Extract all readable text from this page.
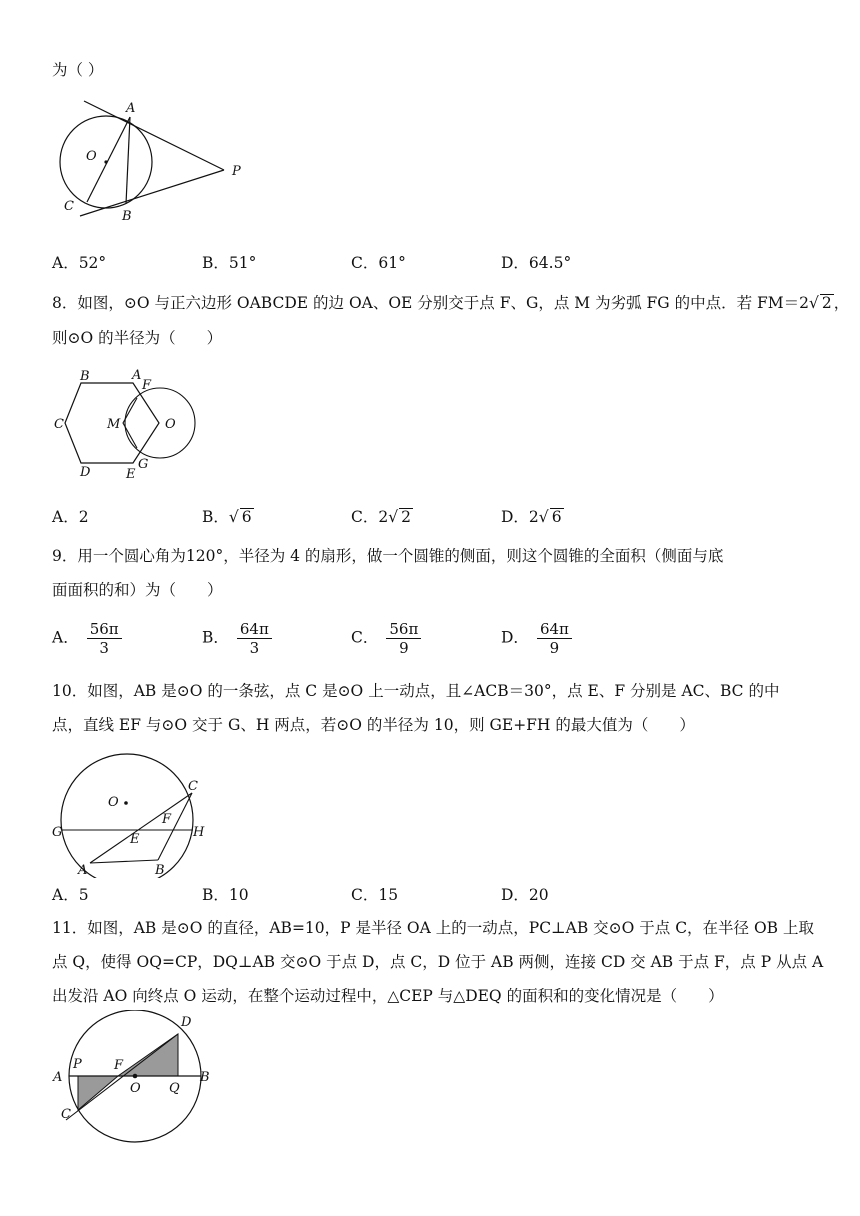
为（ ）
A
O
P
C
B
A．52°	B．51°	C．61°	D．64.5°
8．如图，⊙O 与正六边形 OABCDE 的边 OA、OE 分别交于点 F、G，点 M 为劣弧 FG 的中点．若 FM＝2√ 2 ，
则⊙O 的半径为（　　）
B	A
F
C	M	O
D	E
G
A．2	B．√ 6	C．2√ 2	D．2√ 6
9．用一个圆心角为120°，半径为 4 的扇形，做一个圆锥的侧面，则这个圆锥的全面积（侧面与底
面面积的和）为（　　）
A． $\frac{56\pi}{3}$	B． $\frac{64\pi}{3}$	C． $\frac{56\pi}{9}$	D． $\frac{64\pi}{9}$
10．如图，AB 是⊙O 的一条弦，点 C 是⊙O 上一动点，且∠ACB＝30°，点 E、F 分别是 AC、BC 的中
点，直线 EF 与⊙O 交于 G、H 两点，若⊙O 的半径为 10，则 GE+FH 的最大值为（　　）
O
C
F
G	E	H
A	B
A．5	B．10	C．15	D．20
11．如图，AB 是⊙O 的直径，AB=10，P 是半径 OA 上的一动点，PC⊥AB 交⊙O 于点 C，在半径 OB 上取
点 Q，使得 OQ=CP，DQ⊥AB 交⊙O 于点 D，点 C，D 位于 AB 两侧，连接 CD 交 AB 于点 F，点 P 从点 A
出发沿 AO 向终点 O 运动，在整个运动过程中，△CEP 与△DEQ 的面积和的变化情况是（　　）
D
P F
A
O Q
B
C
